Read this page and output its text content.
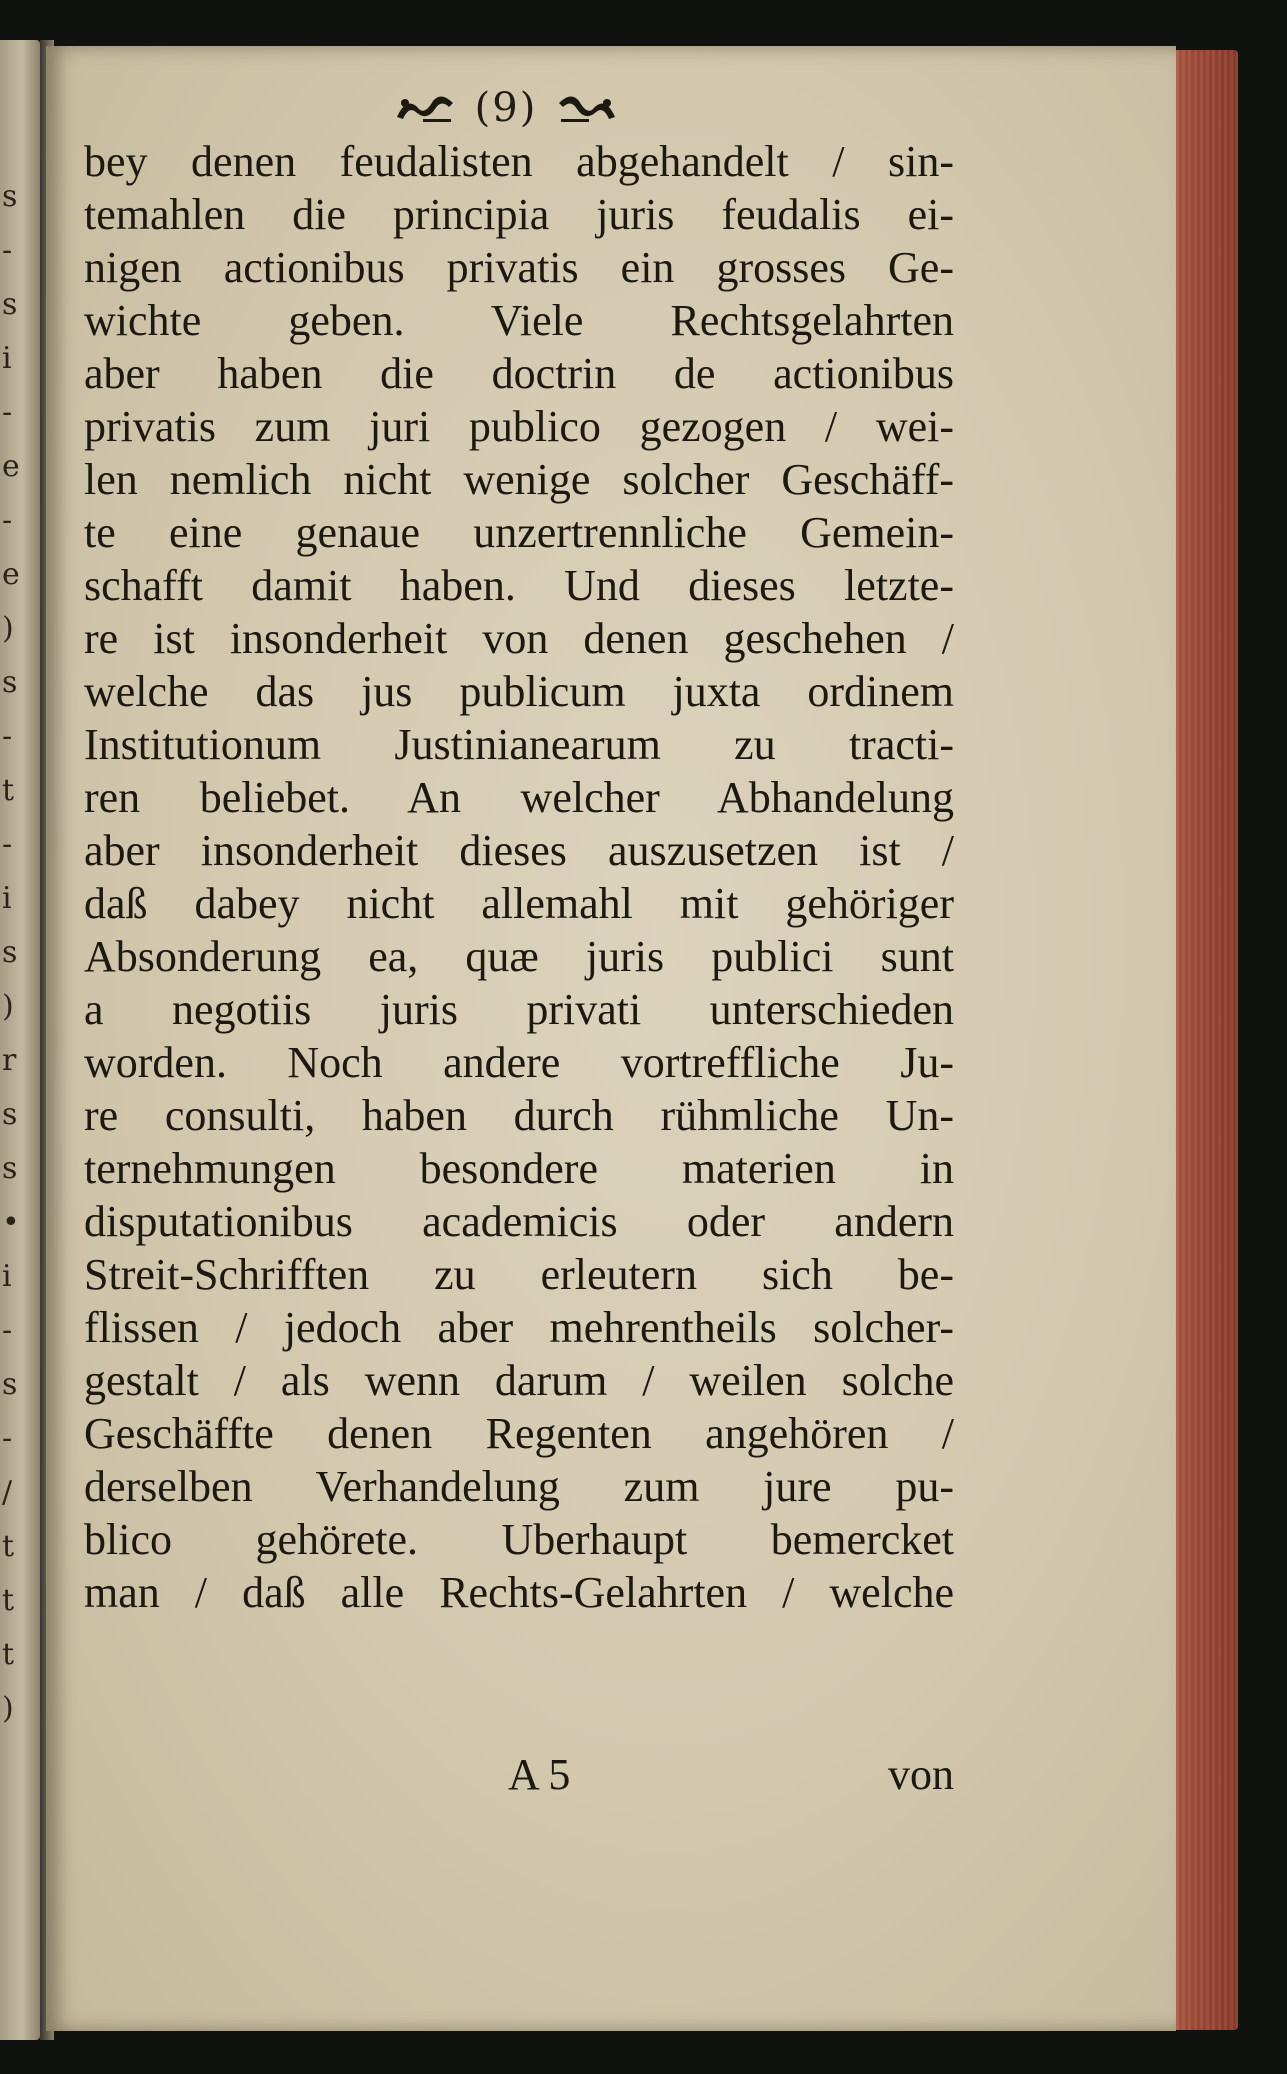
s
-
s
i
-
e
-
e
)
s
-
t
-
i
s
)
r
s
s
•
i
-
s
-
/
t
t
t
)
(9)
bey denen feudalisten abgehandelt / sin-
temahlen die principia juris feudalis ei-
nigen actionibus privatis ein grosses Ge-
wichte geben. Viele Rechtsgelahrten
aber haben die doctrin de actionibus
privatis zum juri publico gezogen / wei-
len nemlich nicht wenige solcher Geschäff-
te eine genaue unzertrennliche Gemein-
schafft damit haben. Und dieses letzte-
re ist insonderheit von denen geschehen /
welche das jus publicum juxta ordinem
Institutionum Justinianearum zu tracti-
ren beliebet. An welcher Abhandelung
aber insonderheit dieses auszusetzen ist /
daß dabey nicht allemahl mit gehöriger
Absonderung ea, quæ juris publici sunt
a negotiis juris privati unterschieden
worden. Noch andere vortreffliche Ju-
re consulti, haben durch rühmliche Un-
ternehmungen besondere materien in
disputationibus academicis oder andern
Streit-Schrifften zu erleutern sich be-
flissen / jedoch aber mehrentheils solcher-
gestalt / als wenn darum / weilen solche
Geschäffte denen Regenten angehören /
derselben Verhandelung zum jure pu-
blico gehörete. Uberhaupt bemercket
man / daß alle Rechts-Gelahrten / welche
A 5	von
